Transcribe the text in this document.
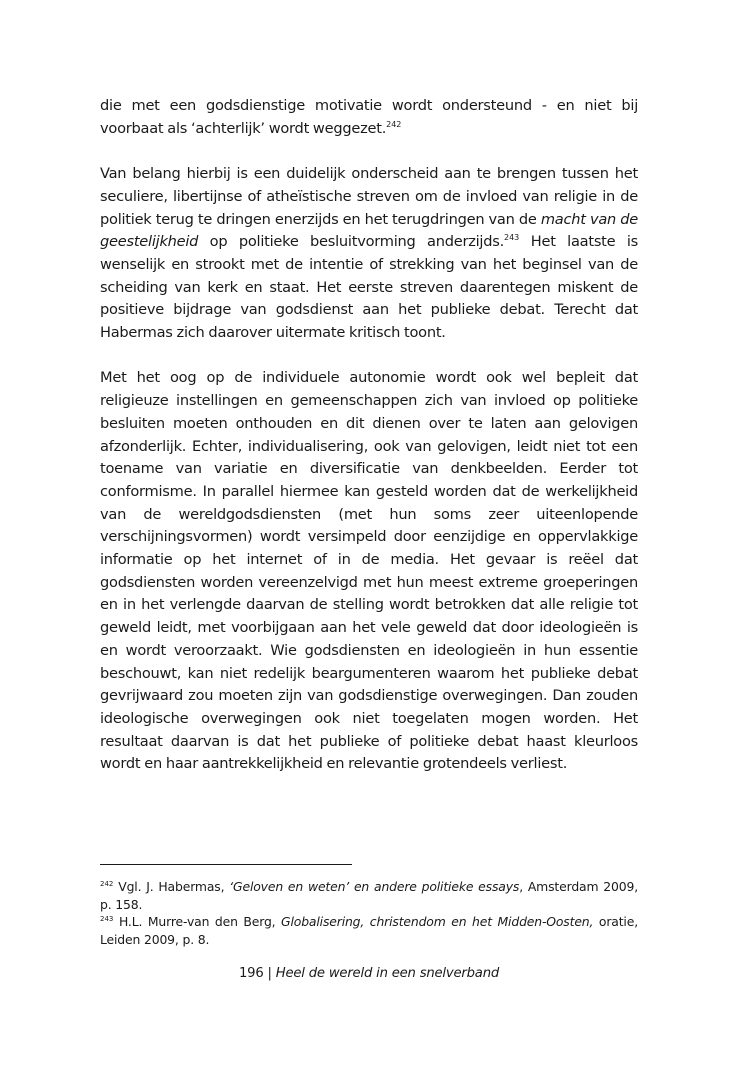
die met een godsdienstige motivatie wordt ondersteund - en niet bij voorbaat als ‘achterlijk’ wordt weggezet.$^{242}$

Van belang hierbij is een duidelijk onderscheid aan te brengen tussen het seculiere, libertijnse of atheïstische streven om de invloed van religie in de politiek terug te dringen enerzijds en het terugdringen van de macht van de geestelijkheid op politieke besluitvorming anderzijds.$^{243}$ Het laatste is wenselijk en strookt met de intentie of strekking van het beginsel van de scheiding van kerk en staat. Het eerste streven daarentegen miskent de positieve bijdrage van godsdienst aan het publieke debat. Terecht dat Habermas zich daarover uitermate kritisch toont.

Met het oog op de individuele autonomie wordt ook wel bepleit dat religieuze instellingen en gemeenschappen zich van invloed op politieke besluiten moeten onthouden en dit dienen over te laten aan gelovigen afzonderlijk. Echter, individualisering, ook van gelovigen, leidt niet tot een toename van variatie en diversificatie van denkbeelden. Eerder tot conformisme. In parallel hiermee kan gesteld worden dat de werkelijkheid van de wereldgodsdiensten (met hun soms zeer uiteenlopende verschijningsvormen) wordt versimpeld door eenzijdige en oppervlakkige informatie op het internet of in de media. Het gevaar is reëel dat godsdiensten worden vereenzelvigd met hun meest extreme groeperingen en in het verlengde daarvan de stelling wordt betrokken dat alle religie tot geweld leidt, met voorbijgaan aan het vele geweld dat door ideologieën is en wordt veroorzaakt. Wie godsdiensten en ideologieën in hun essentie beschouwt, kan niet redelijk beargumenteren waarom het publieke debat gevrijwaard zou moeten zijn van godsdienstige overwegingen. Dan zouden ideologische overwegingen ook niet toegelaten mogen worden. Het resultaat daarvan is dat het publieke of politieke debat haast kleurloos wordt en haar aantrekkelijkheid en relevantie grotendeels verliest.

$^{242}$ Vgl. J. Habermas, ‘Geloven en weten’ en andere politieke essays, Amsterdam 2009, p. 158.

$^{243}$ H.L. Murre-van den Berg, Globalisering, christendom en het Midden-Oosten, oratie, Leiden 2009, p. 8.

196 | Heel de wereld in een snelverband
